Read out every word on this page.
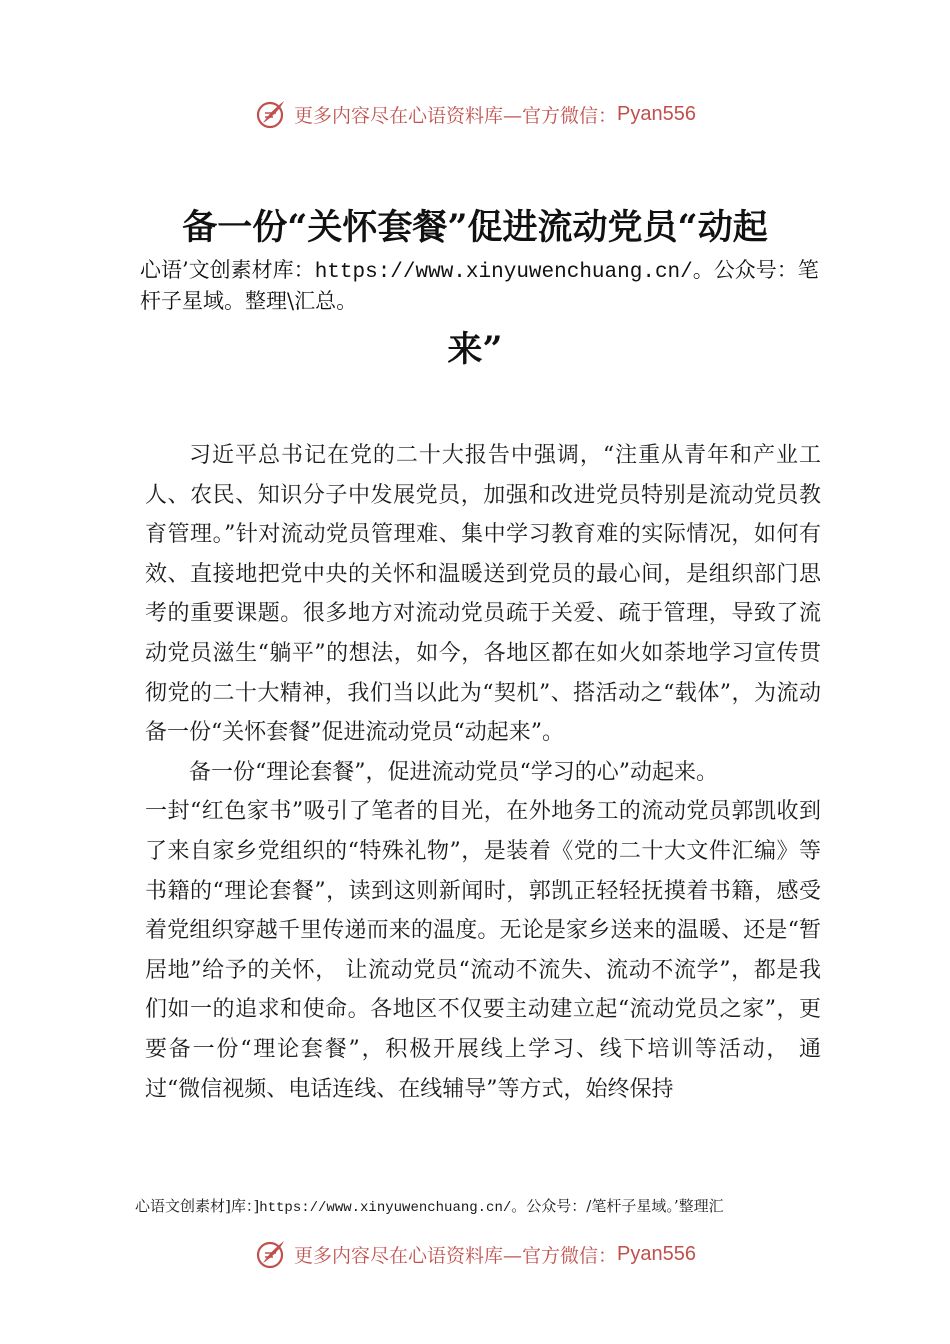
更多内容尽在心语资料库—官方微信： Pyan556
备一份“关怀套餐”促进流动党员“动起
心语’文创素材库：https://www.xinyuwenchuang.cn/。公众号：笔杆子星域。整理\汇总。
来”

习近平总书记在党的二十大报告中强调，“注重从青年和产业工人、农民、知识分子中发展党员，加强和改进党员特别是流动党员教育管理。”针对流动党员管理难、集中学习教育难的实际情况，如何有效、直接地把党中央的关怀和温暖送到党员的最心间，是组织部门思考的重要课题。很多地方对流动党员疏于关爱、疏于管理，导致了流动党员滋生“躺平”的想法，如今，各地区都在如火如荼地学习宣传贯彻党的二十大精神，我们当以此为“契机”、搭活动之“载体”，为流动备一份“关怀套餐”促进流动党员“动起来”。

备一份“理论套餐”，促进流动党员“学习的心”动起来。

一封“红色家书”吸引了笔者的目光，在外地务工的流动党员郭凯收到了来自家乡党组织的“特殊礼物”，是装着《党的二十大文件汇编》等书籍的“理论套餐”，读到这则新闻时，郭凯正轻轻抚摸着书籍，感受着党组织穿越千里传递而来的温度。无论是家乡送来的温暖、还是“暂居地”给予的关怀， 让流动党员“流动不流失、流动不流学”，都是我们如一的追求和使命。各地区不仅要主动建立起“流动党员之家”，更要备一份“理论套餐”，积极开展线上学习、线下培训等活动， 通过“微信视频、电话连线、在线辅导”等方式，始终保持

心语文创素材]库：]https://www.xinyuwenchuang.cn/。公众号：/笔杆子星域。’整理汇
更多内容尽在心语资料库—官方微信： Pyan556
